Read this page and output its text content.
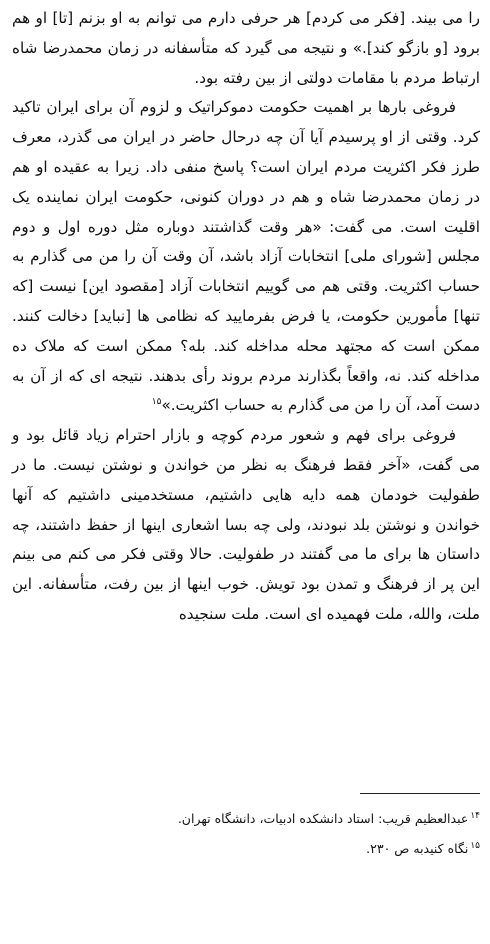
را می بیند. [فکر می کردم] هر حرفی دارم می توانم به او بزنم [تا] او هم برود [و بازگو کند].» و نتیجه می گیرد که متأسفانه در زمان محمدرضا شاه ارتباط مردم با مقامات دولتی از بین رفته بود.

فروغی بارها بر اهمیت حکومت دموکراتیک و لزوم آن برای ایران تاکید کرد. وقتی از او پرسیدم آیا آن چه درحال حاضر در ایران می گذرد، معرف طرز فکر اکثریت مردم ایران است؟ پاسخ منفی داد. زیرا به عقیده او هم در زمان محمدرضا شاه و هم در دوران کنونی، حکومت ایران نماینده یک اقلیت است. می گفت: «هر وقت گذاشتند دوباره مثل دوره اول و دوم مجلس [شورای ملی] انتخابات آزاد باشد، آن وقت آن را من می گذارم به حساب اکثریت. وقتی هم می گوییم انتخابات آزاد [مقصود این] نیست [که تنها] مأمورین حکومت، یا فرض بفرمایید که نظامی ها [نباید] دخالت کنند. ممکن است که مجتهد محله مداخله کند. بله؟ ممکن است که ملاک ده مداخله کند. نه، واقعاً بگذارند مردم بروند رأی بدهند. نتیجه ای که از آن به دست آمد، آن را من می گذارم به حساب اکثریت.»$^{۱۵}$

فروغی برای فهم و شعور مردم کوچه و بازار احترام زیاد قائل بود و می گفت، «آخر فقط فرهنگ به نظر من خواندن و نوشتن نیست. ما در طفولیت خودمان همه دایه هایی داشتیم، مستخدمینی داشتیم که آنها خواندن و نوشتن بلد نبودند، ولی چه بسا اشعاری اینها از حفظ داشتند، چه داستان ها برای ما می گفتند در طفولیت. حالا وقتی فکر می کنم می بینم این پر از فرهنگ و تمدن بود تویش. خوب اینها از بین رفت، متأسفانه. این ملت، والله، ملت فهمیده ای است. ملت سنجیده

$^{۱۴}$عبدالعظیم قریب: استاد دانشکده ادبیات، دانشگاه تهران.

$^{۱۵}$نگاه کنیدبه ص ۲۳۰.
